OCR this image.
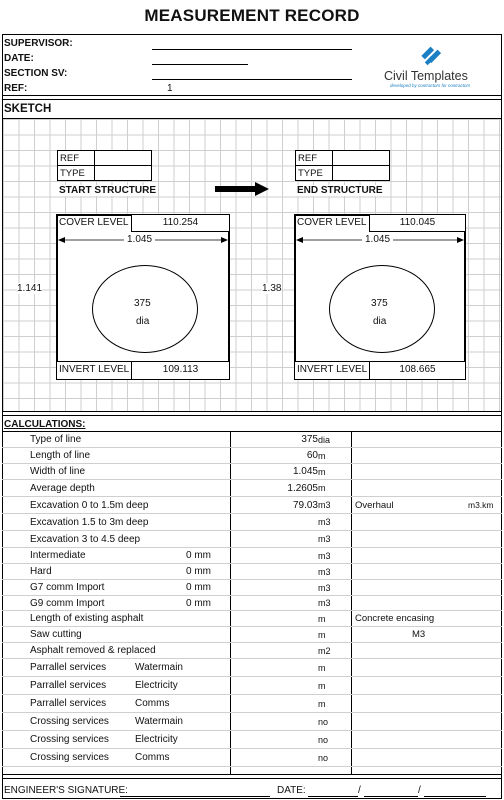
MEASUREMENT RECORD
SUPERVISOR:
DATE:
SECTION SV:
REF:	1
Civil Templates
developed by contractors for contractors
SKETCH
REF
TYPE
START STRUCTURE
REF
TYPE
END STRUCTURE
COVER LEVEL	110.254
1.045
375
dia
1.141
INVERT LEVEL	109.113
COVER LEVEL	110.045
1.045
375
dia
1.38
INVERT LEVEL	108.665
CALCULATIONS:
Type of line	375 dia
Length of line	60 m
Width of line	1.045 m
Average depth	1.2605 m
Excavation 0 to 1.5m deep	79.03 m3	Overhaul	m3.km
Excavation 1.5 to 3m deep	m3
Excavation 3 to 4.5 deep	m3
Intermediate	0 mm	m3
Hard	0 mm	m3
G7 comm Import	0 mm	m3
G9 comm Import	0 mm	m3
Length of existing asphalt	m	Concrete encasing
Saw cutting	m	M3
Asphalt removed & replaced	m2
Parrallel services	Watermain	m
Parrallel services	Electricity	m
Parrallel services	Comms	m
Crossing services	Watermain	no
Crossing services	Electricity	no
Crossing services	Comms	no
ENGINEER'S SIGNATURE:	DATE:	/	/
